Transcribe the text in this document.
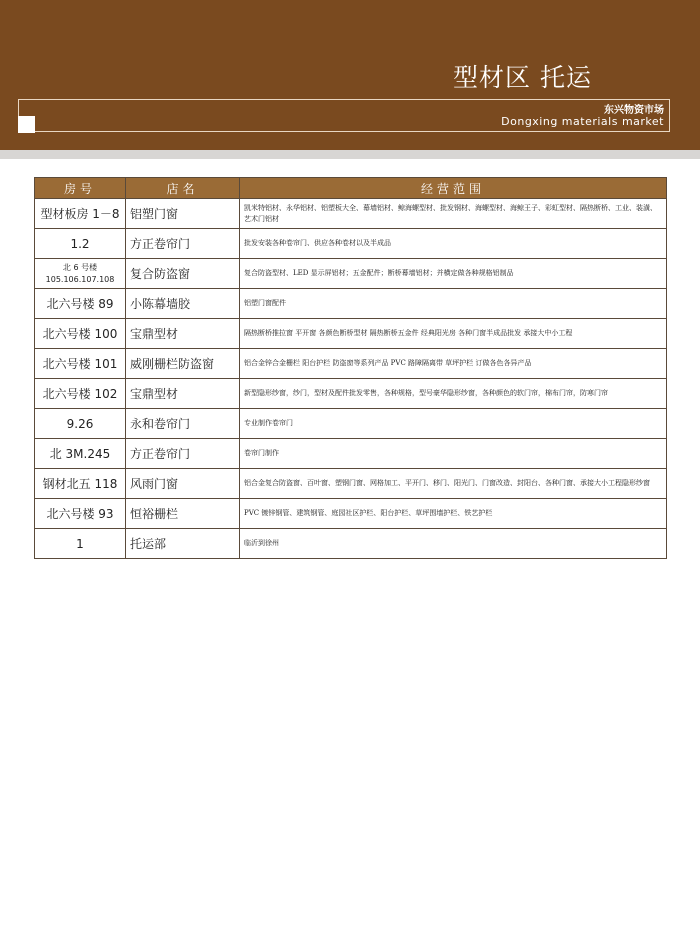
型材区 托运
东兴物资市场
Dongxing materials market
房号	店名	经营范围
型材板房 1－8	铝塑门窗	凯米特铝材、永华铝材、铝塑板大全、幕墙铝材、鲸海螺型材、批发钢材、海螺型材、海鲸王子、彩虹型材、隔热断桥、工业、装潢、艺术门铝材
1.2	方正卷帘门	批发安装各种卷帘门、供应各种卷材以及半成品
北 6 号楼
105.106.107.108	复合防盗窗	复合防盗型材、LED 显示屏铝材；五金配件；断桥幕墙铝材；并横定做各种规格铝制品
北六号楼 89	小陈幕墙胶	铝塑门窗配件
北六号楼 100	宝鼎型材	隔热断桥推拉窗 平开窗 各颜色断桥型材 隔热断桥五金件 经典阳光房 各种门窗半成品批发 承接大中小工程
北六号楼 101	威刚栅栏防盗窗	铝合金锌合金栅栏 阳台护栏 防盗窗等系列产品 PVC 路障隔离带 草坪护栏 订做各色各异产品
北六号楼 102	宝鼎型材	新型隐形纱窗，纱门，型材及配件批发零售，各种规格，型号豪华隐形纱窗，各种颜色的软门帘，棉布门帘，防寒门帘
9.26	永和卷帘门	专业制作卷帘门
北 3M.245	方正卷帘门	卷帘门制作
钢材北五 118	风雨门窗	铝合金复合防盗窗、百叶窗、塑钢门窗、网格加工、平开门、移门、阳光门、门窗改造、封阳台、各种门窗、承接大小工程隐形纱窗
北六号楼 93	恒裕栅栏	PVC 镀锌钢管、建筑钢管、庭园社区护栏、阳台护栏、草坪围墙护栏、铁艺护栏
1	托运部	临沂到徐州
